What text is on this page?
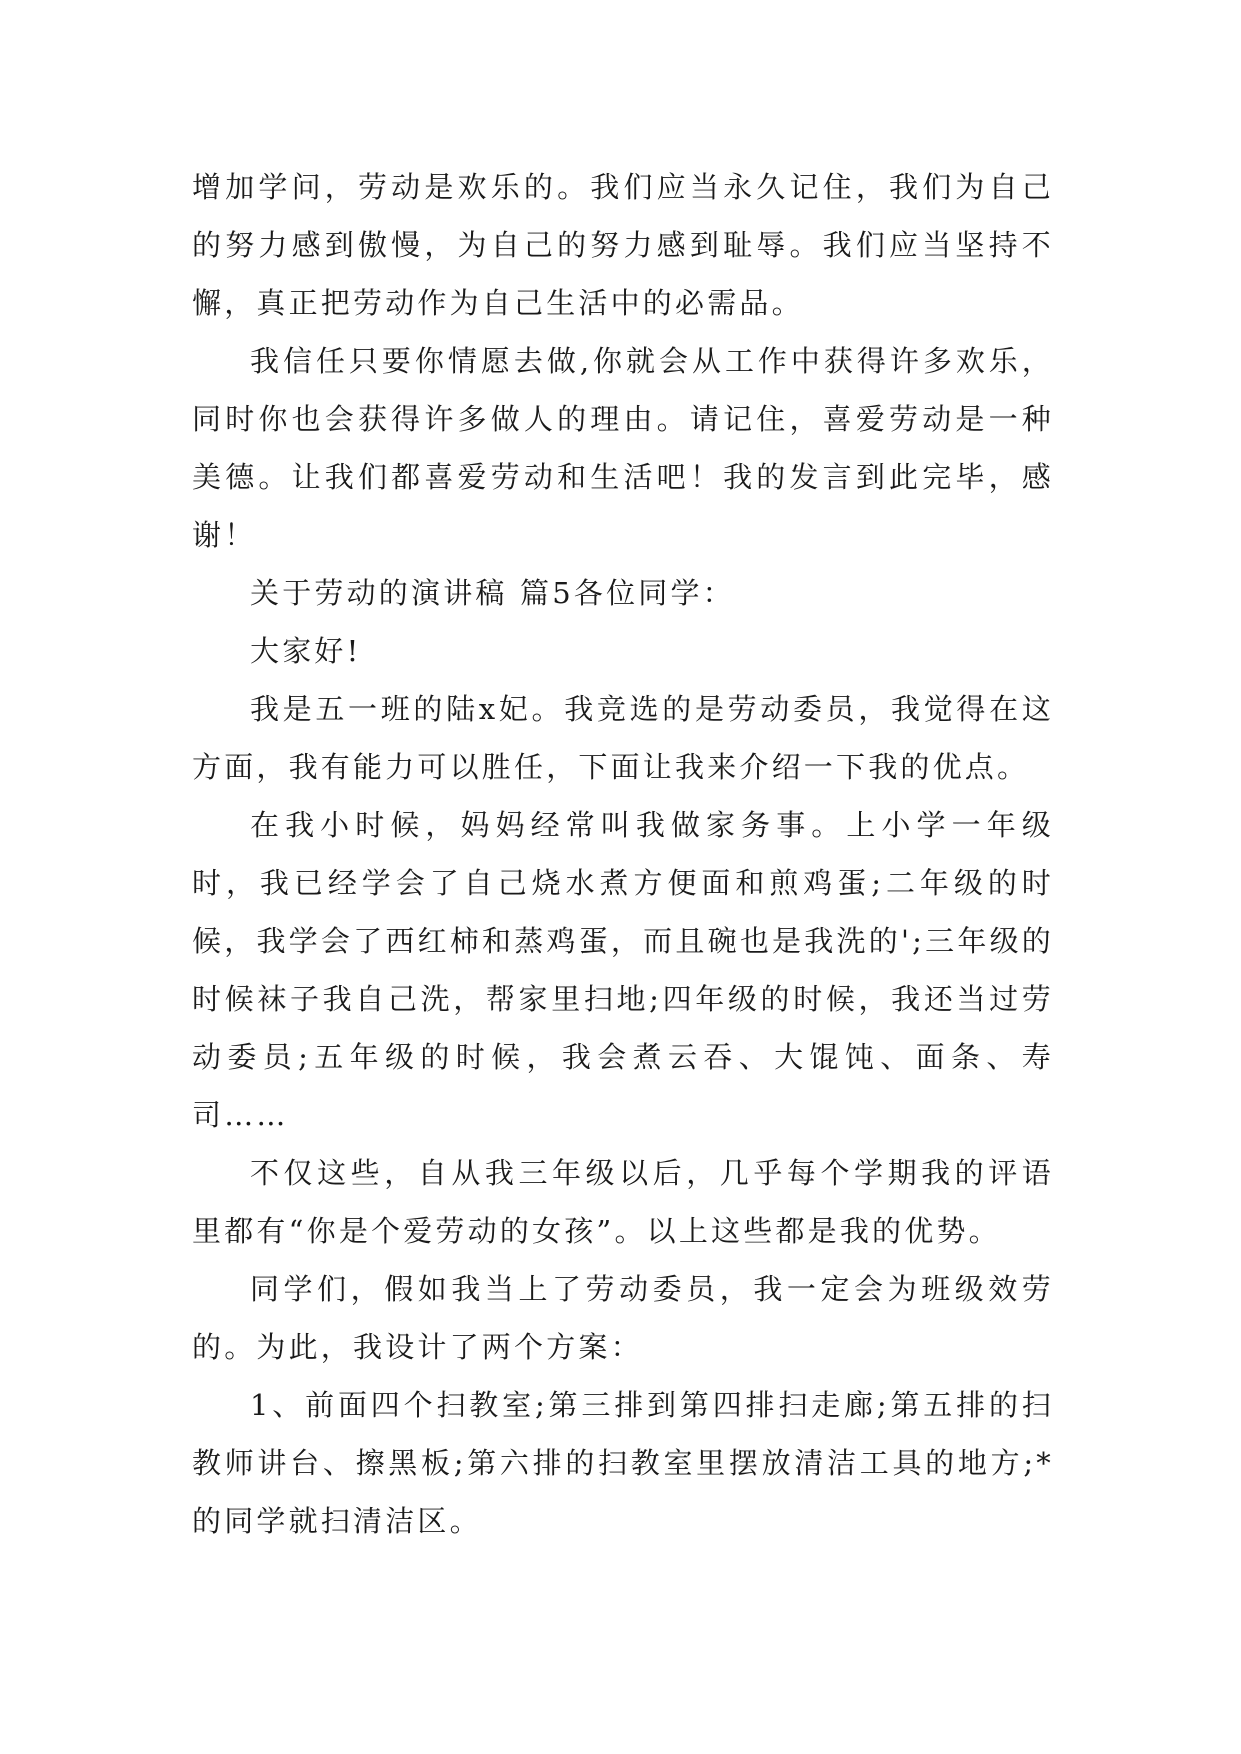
增加学问，劳动是欢乐的。我们应当永久记住，我们为自己的努力感到傲慢，为自己的努力感到耻辱。我们应当坚持不懈，真正把劳动作为自己生活中的必需品。

我信任只要你情愿去做,你就会从工作中获得许多欢乐，同时你也会获得许多做人的理由。请记住，喜爱劳动是一种美德。让我们都喜爱劳动和生活吧！我的发言到此完毕，感谢！

关于劳动的演讲稿 篇5各位同学：

大家好!

我是五一班的陆x妃。我竞选的是劳动委员，我觉得在这方面，我有能力可以胜任，下面让我来介绍一下我的优点。

在我小时候，妈妈经常叫我做家务事。上小学一年级时，我已经学会了自己烧水煮方便面和煎鸡蛋;二年级的时候，我学会了西红柿和蒸鸡蛋，而且碗也是我洗的';三年级的时候袜子我自己洗，帮家里扫地;四年级的时候，我还当过劳动委员;五年级的时候，我会煮云吞、大馄饨、面条、寿司……

不仅这些，自从我三年级以后，几乎每个学期我的评语里都有“你是个爱劳动的女孩”。以上这些都是我的优势。

同学们，假如我当上了劳动委员，我一定会为班级效劳的。为此，我设计了两个方案：

1、前面四个扫教室;第三排到第四排扫走廊;第五排的扫教师讲台、擦黑板;第六排的扫教室里摆放清洁工具的地方;*的同学就扫清洁区。
